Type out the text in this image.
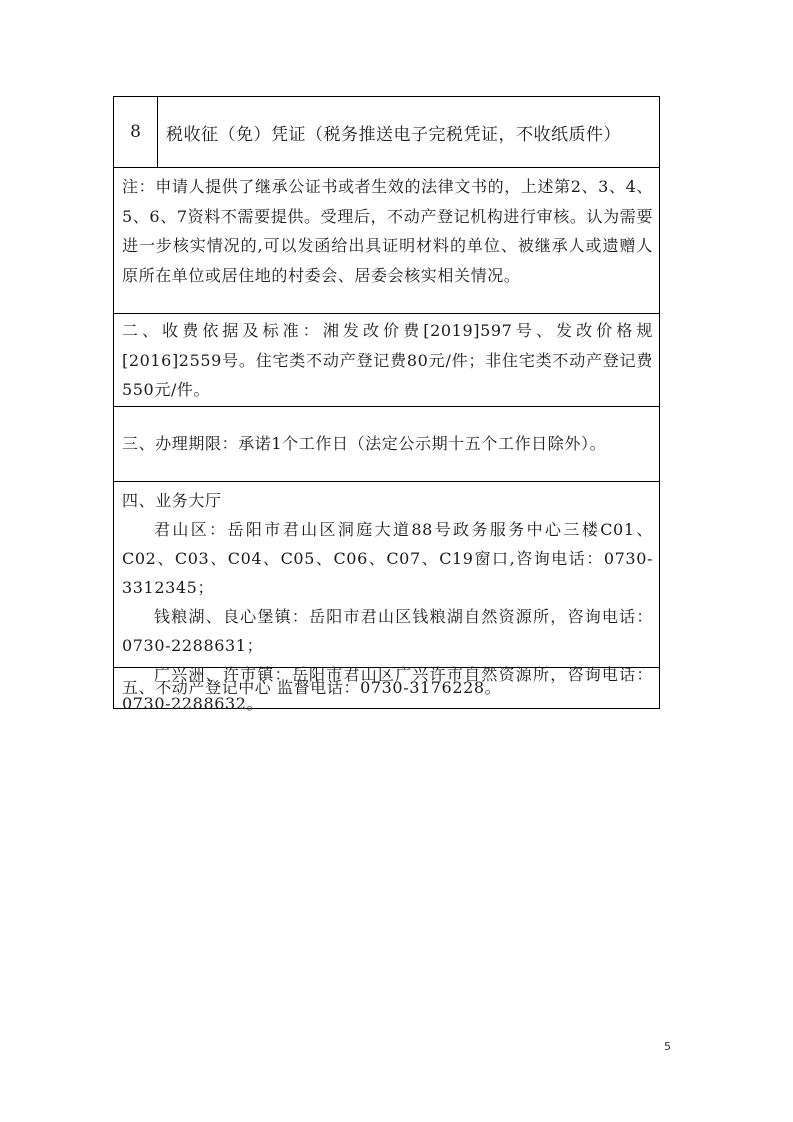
8	税收征（免）凭证（税务推送电子完税凭证，不收纸质件）
注：申请人提供了继承公证书或者生效的法律文书的，上述第2、3、4、5、6、7资料不需要提供。受理后，不动产登记机构进行审核。认为需要进一步核实情况的,可以发函给出具证明材料的单位、被继承人或遗赠人原所在单位或居住地的村委会、居委会核实相关情况。
二、收费依据及标准：湘发改价费[2019]597号、发改价格规[2016]2559号。住宅类不动产登记费80元/件；非住宅类不动产登记费550元/件。
三、办理期限：承诺1个工作日（法定公示期十五个工作日除外）。
四、业务大厅
君山区：岳阳市君山区洞庭大道88号政务服务中心三楼C01、C02、C03、C04、C05、C06、C07、C19窗口,咨询电话：0730-3312345；
钱粮湖、良心堡镇：岳阳市君山区钱粮湖自然资源所，咨询电话：0730-2288631；
广兴洲、许市镇：岳阳市君山区广兴许市自然资源所，咨询电话：0730-2288632。
五、不动产登记中心 监督电话：0730-3176228。
5
